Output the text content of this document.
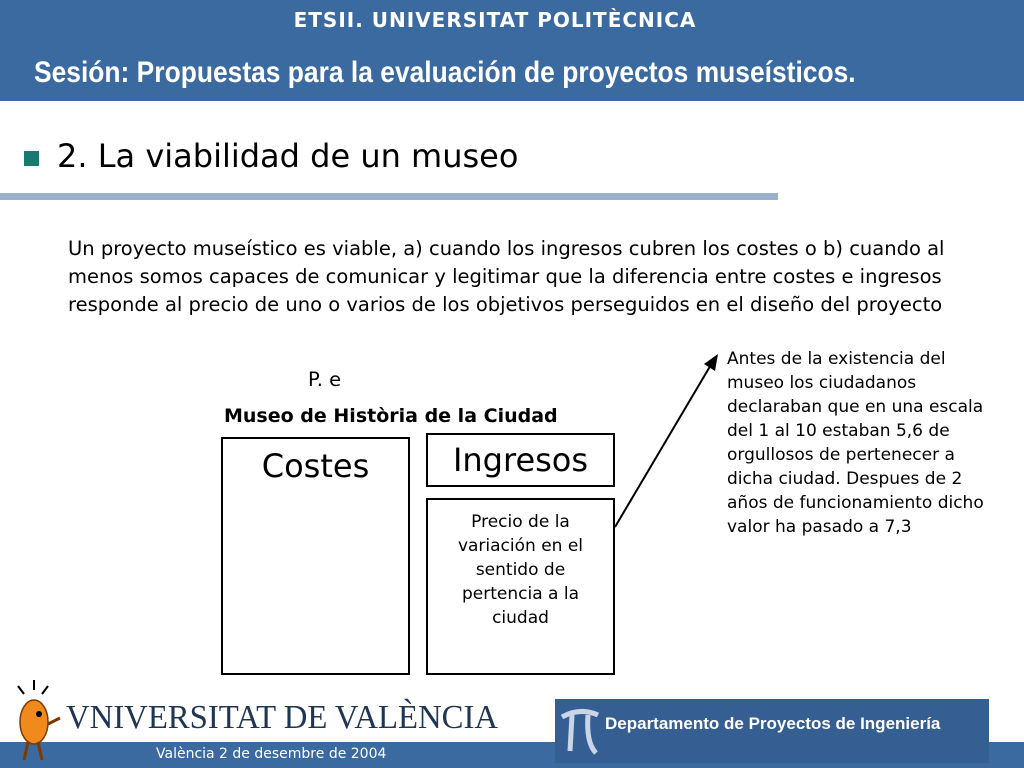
ETSII. UNIVERSITAT POLITÈCNICA
Sesión: Propuestas para la evaluación de proyectos museísticos.
2. La viabilidad de un museo
Un proyecto museístico es viable, a) cuando los ingresos cubren los costes o b) cuando al menos somos capaces de comunicar y legitimar que la diferencia entre costes e ingresos responde al precio de uno o varios de los objetivos perseguidos en el diseño del proyecto
P. e
Museo de Història de la Ciudad
Costes	Ingresos
Precio de la variación en el sentido de pertencia a la ciudad
Antes de la existencia del museo los ciudadanos declaraban que en una escala del 1 al 10 estaban 5,6 de orgullosos de pertenecer a dicha ciudad. Despues de 2 años de funcionamiento dicho valor ha pasado a 7,3
VNIVERSITAT DE VALÈNCIA
València 2 de desembre de 2004
Departamento de Proyectos de Ingeniería
